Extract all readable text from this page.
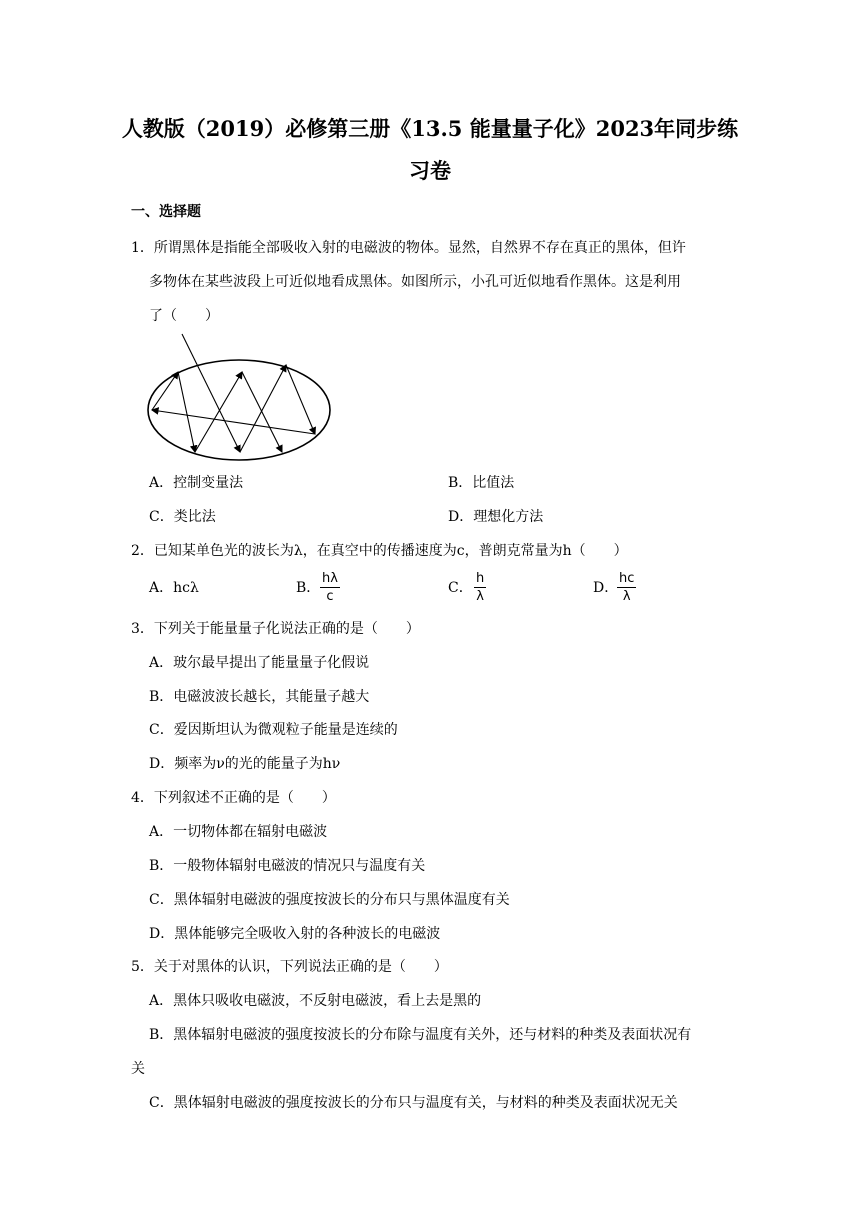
人教版（2019）必修第三册《13.5 能量量子化》2023年同步练
习卷
一、选择题
1．所谓黑体是指能全部吸收入射的电磁波的物体。显然，自然界不存在真正的黑体，但许
多物体在某些波段上可近似地看成黑体。如图所示，小孔可近似地看作黑体。这是利用
了（　　）
A．控制变量法	B．比值法
C．类比法	D．理想化方法
2．已知某单色光的波长为λ，在真空中的传播速度为c，普朗克常量为h（　　）
A．hcλ	B． $\frac{h\lambda}{c}$	C． $\frac{h}{\lambda}$	D．
$\frac{hc}{\lambda}$
3．下列关于能量量子化说法正确的是（　　）
A．玻尔最早提出了能量量子化假说
B．电磁波波长越长，其能量子越大
C．爱因斯坦认为微观粒子能量是连续的
D．频率为ν的光的能量子为hν
4．下列叙述不正确的是（　　）
A．一切物体都在辐射电磁波
B．一般物体辐射电磁波的情况只与温度有关
C．黑体辐射电磁波的强度按波长的分布只与黑体温度有关
D．黑体能够完全吸收入射的各种波长的电磁波
5．关于对黑体的认识，下列说法正确的是（　　）
A．黑体只吸收电磁波，不反射电磁波，看上去是黑的
B．黑体辐射电磁波的强度按波长的分布除与温度有关外，还与材料的种类及表面状况有
关
C．黑体辐射电磁波的强度按波长的分布只与温度有关，与材料的种类及表面状况无关
